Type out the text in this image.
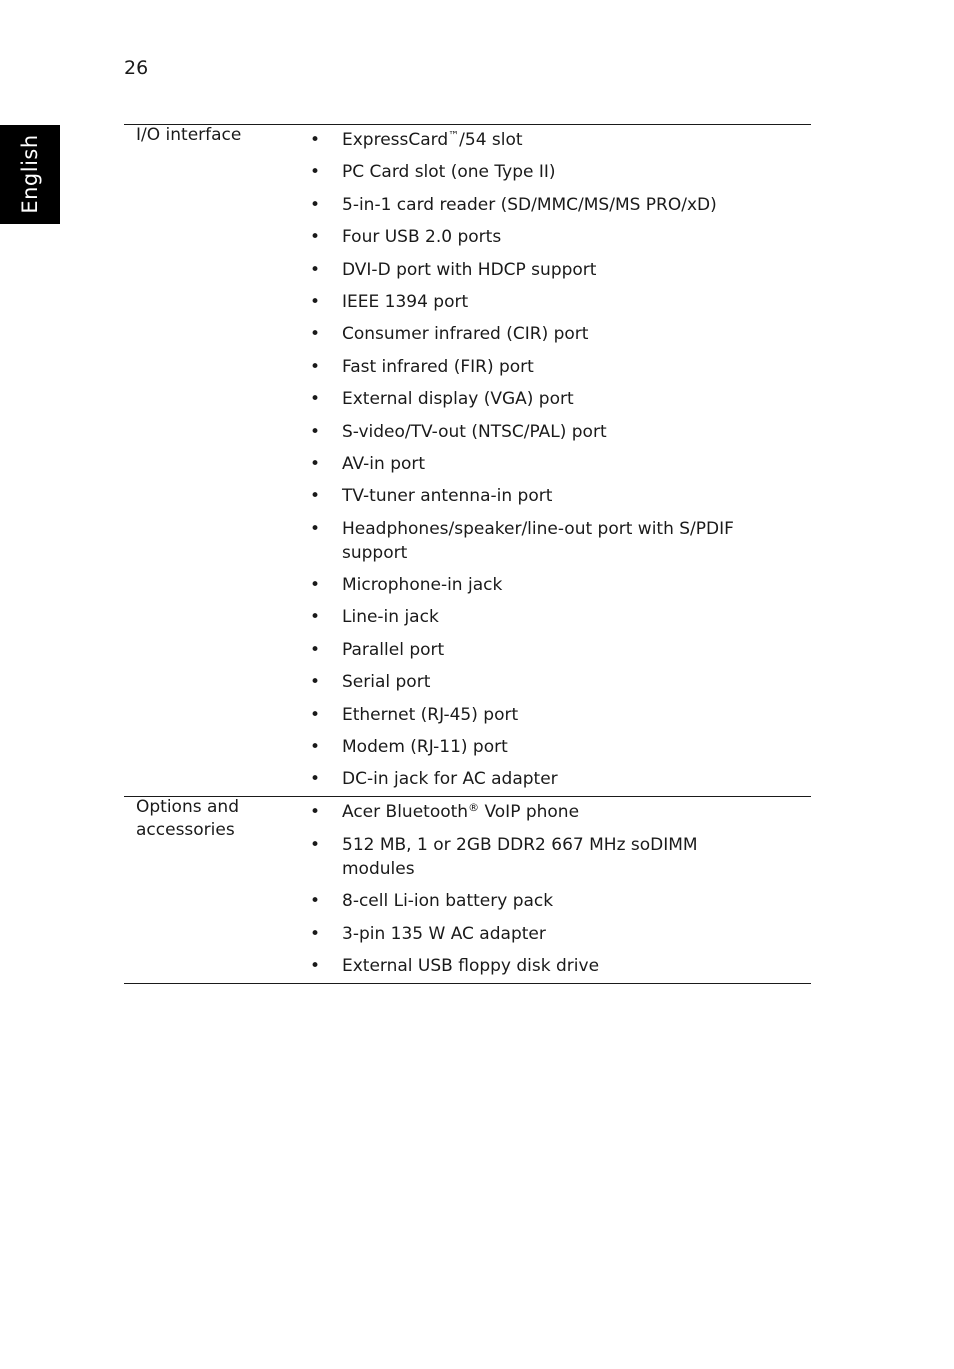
26
English	I/O interface	• ExpressCard™/54 slot
• PC Card slot (one Type II)
• 5-in-1 card reader (SD/MMC/MS/MS PRO/xD)
• Four USB 2.0 ports
• DVI-D port with HDCP support
• IEEE 1394 port
• Consumer infrared (CIR) port
• Fast infrared (FIR) port
• External display (VGA) port
• S-video/TV-out (NTSC/PAL) port
• AV-in port
• TV-tuner antenna-in port
• Headphones/speaker/line-out port with S/PDIF support
• Microphone-in jack
• Line-in jack
• Parallel port
• Serial port
• Ethernet (RJ-45) port
• Modem (RJ-11) port
• DC-in jack for AC adapter
Options and accessories
• Acer Bluetooth® VoIP phone
• 512 MB, 1 or 2GB DDR2 667 MHz soDIMM modules
• 8-cell Li-ion battery pack
• 3-pin 135 W AC adapter
• External USB floppy disk drive
